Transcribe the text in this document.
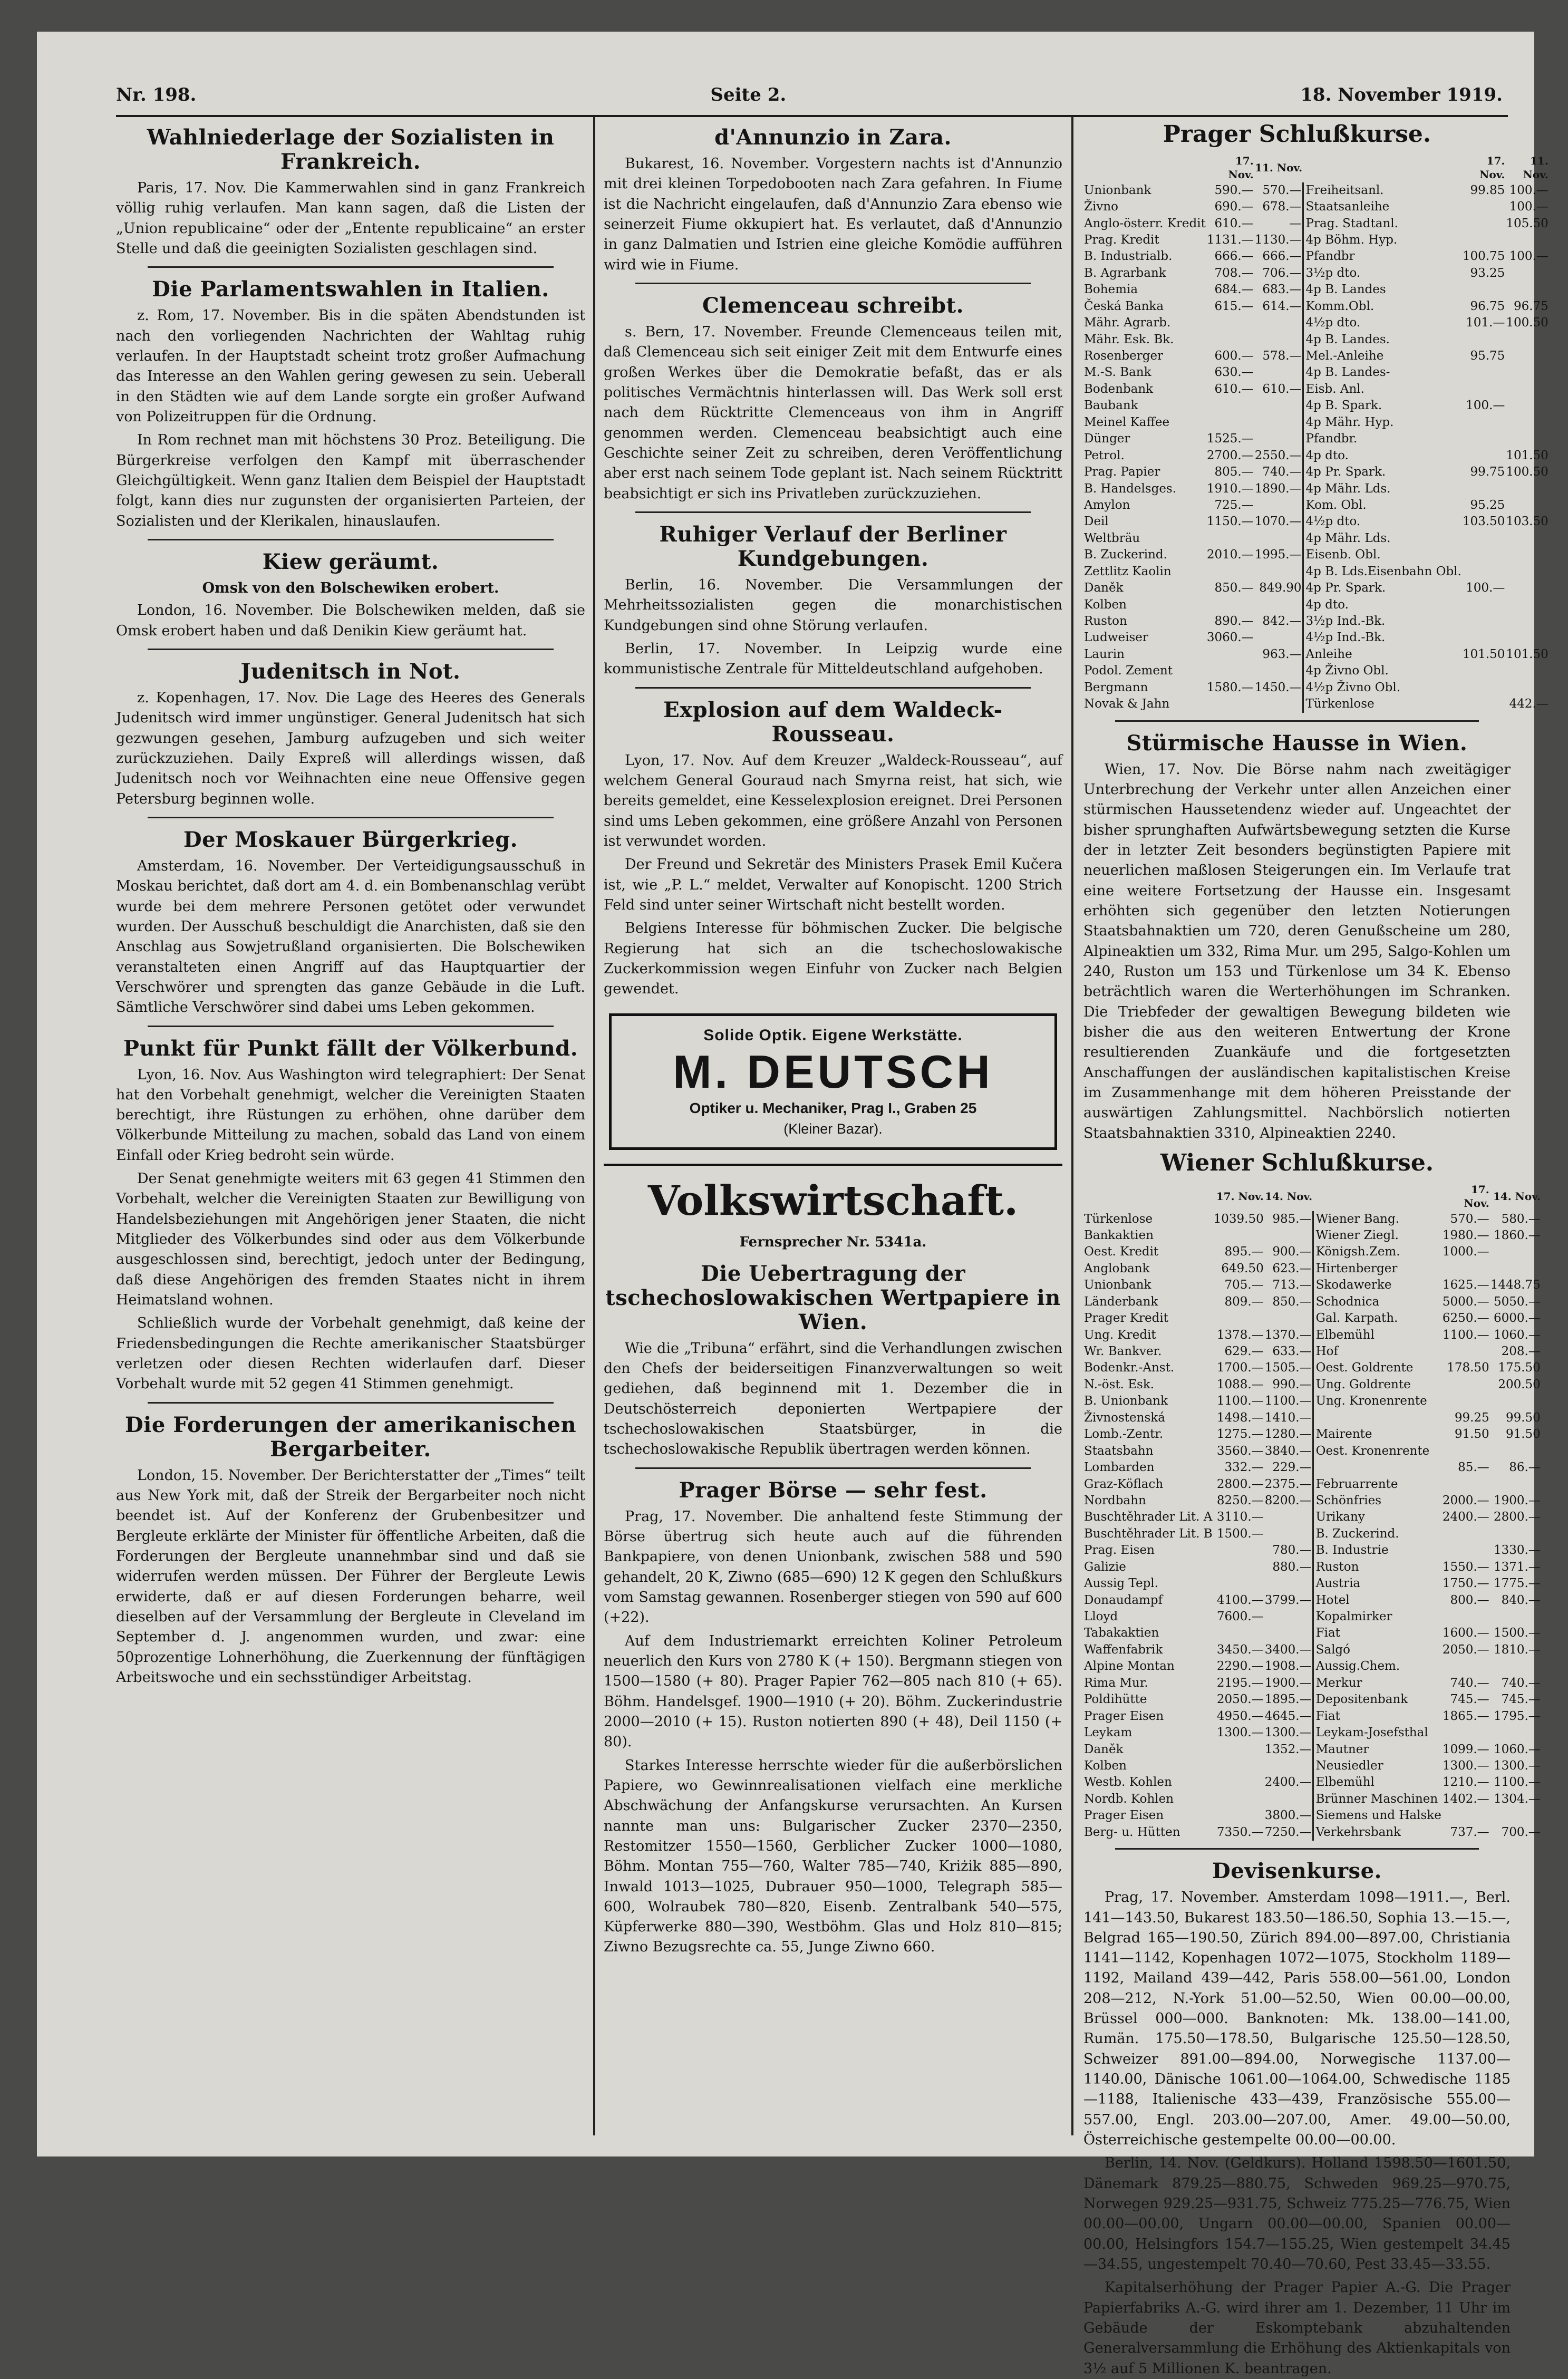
Nr. 198.	Seite 2.	18. November 1919.
Wahlniederlage der Sozialisten in Frankreich.

Paris, 17. Nov. Die Kammerwahlen sind in ganz Frankreich völlig ruhig verlaufen. Man kann sagen, daß die Listen der „Union republicaine“ oder der „Entente republicaine“ an erster Stelle und daß die geeinigten Sozialisten geschlagen sind.

Die Parlamentswahlen in Italien.

z. Rom, 17. November. Bis in die späten Abendstunden ist nach den vorliegenden Nachrichten der Wahltag ruhig verlaufen. In der Hauptstadt scheint trotz großer Aufmachung das Interesse an den Wahlen gering gewesen zu sein. Ueberall in den Städten wie auf dem Lande sorgte ein großer Aufwand von Polizeitruppen für die Ordnung.

In Rom rechnet man mit höchstens 30 Proz. Beteiligung. Die Bürgerkreise verfolgen den Kampf mit überraschender Gleichgültigkeit. Wenn ganz Italien dem Beispiel der Hauptstadt folgt, kann dies nur zugunsten der organisierten Parteien, der Sozialisten und der Klerikalen, hinauslaufen.

Kiew geräumt.
Omsk von den Bolschewiken erobert.

London, 16. November. Die Bolschewiken melden, daß sie Omsk erobert haben und daß Denikin Kiew geräumt hat.

Judenitsch in Not.

z. Kopenhagen, 17. Nov. Die Lage des Heeres des Generals Judenitsch wird immer ungünstiger. General Judenitsch hat sich gezwungen gesehen, Jamburg aufzugeben und sich weiter zurückzuziehen. Daily Expreß will allerdings wissen, daß Judenitsch noch vor Weihnachten eine neue Offensive gegen Petersburg beginnen wolle.

Der Moskauer Bürgerkrieg.

Amsterdam, 16. November. Der Verteidigungsausschuß in Moskau berichtet, daß dort am 4. d. ein Bombenanschlag verübt wurde bei dem mehrere Personen getötet oder verwundet wurden. Der Ausschuß beschuldigt die Anarchisten, daß sie den Anschlag aus Sowjetrußland organisierten. Die Bolschewiken veranstalteten einen Angriff auf das Hauptquartier der Verschwörer und sprengten das ganze Gebäude in die Luft. Sämtliche Verschwörer sind dabei ums Leben gekommen.

Punkt für Punkt fällt der Völkerbund.

Lyon, 16. Nov. Aus Washington wird telegraphiert: Der Senat hat den Vorbehalt genehmigt, welcher die Vereinigten Staaten berechtigt, ihre Rüstungen zu erhöhen, ohne darüber dem Völkerbunde Mitteilung zu machen, sobald das Land von einem Einfall oder Krieg bedroht sein würde.

Der Senat genehmigte weiters mit 63 gegen 41 Stimmen den Vorbehalt, welcher die Vereinigten Staaten zur Bewilligung von Handelsbeziehungen mit Angehörigen jener Staaten, die nicht Mitglieder des Völkerbundes sind oder aus dem Völkerbunde ausgeschlossen sind, berechtigt, jedoch unter der Bedingung, daß diese Angehörigen des fremden Staates nicht in ihrem Heimatsland wohnen.

Schließlich wurde der Vorbehalt genehmigt, daß keine der Friedensbedingungen die Rechte amerikanischer Staatsbürger verletzen oder diesen Rechten widerlaufen darf. Dieser Vorbehalt wurde mit 52 gegen 41 Stimmen genehmigt.

Die Forderungen der amerikanischen Bergarbeiter.

London, 15. November. Der Berichterstatter der „Times“ teilt aus New York mit, daß der Streik der Bergarbeiter noch nicht beendet ist. Auf der Konferenz der Grubenbesitzer und Bergleute erklärte der Minister für öffentliche Arbeiten, daß die Forderungen der Bergleute unannehmbar sind und daß sie widerrufen werden müssen. Der Führer der Bergleute Lewis erwiderte, daß er auf diesen Forderungen beharre, weil dieselben auf der Versammlung der Bergleute in Cleveland im September d. J. angenommen wurden, und zwar: eine 50prozentige Lohnerhöhung, die Zuerkennung der fünftägigen Arbeitswoche und ein sechsstündiger Arbeitstag.

d'Annunzio in Zara.

Bukarest, 16. November. Vorgestern nachts ist d'Annunzio mit drei kleinen Torpedobooten nach Zara gefahren. In Fiume ist die Nachricht eingelaufen, daß d'Annunzio Zara ebenso wie seinerzeit Fiume okkupiert hat. Es verlautet, daß d'Annunzio in ganz Dalmatien und Istrien eine gleiche Komödie aufführen wird wie in Fiume.

Clemenceau schreibt.

s. Bern, 17. November. Freunde Clemenceaus teilen mit, daß Clemenceau sich seit einiger Zeit mit dem Entwurfe eines großen Werkes über die Demokratie befaßt, das er als politisches Vermächtnis hinterlassen will. Das Werk soll erst nach dem Rücktritte Clemenceaus von ihm in Angriff genommen werden. Clemenceau beabsichtigt auch eine Geschichte seiner Zeit zu schreiben, deren Veröffentlichung aber erst nach seinem Tode geplant ist. Nach seinem Rücktritt beabsichtigt er sich ins Privatleben zurückzuziehen.

Ruhiger Verlauf der Berliner Kundgebungen.

Berlin, 16. November. Die Versammlungen der Mehrheitssozialisten gegen die monarchistischen Kundgebungen sind ohne Störung verlaufen.

Berlin, 17. November. In Leipzig wurde eine kommunistische Zentrale für Mitteldeutschland aufgehoben.

Explosion auf dem Waldeck-Rousseau.

Lyon, 17. Nov. Auf dem Kreuzer „Waldeck-Rousseau“, auf welchem General Gouraud nach Smyrna reist, hat sich, wie bereits gemeldet, eine Kesselexplosion ereignet. Drei Personen sind ums Leben gekommen, eine größere Anzahl von Personen ist verwundet worden.

Der Freund und Sekretär des Ministers Prasek Emil Kučera ist, wie „P. L.“ meldet, Verwalter auf Konopischt. 1200 Strich Feld sind unter seiner Wirtschaft nicht bestellt worden.

Belgiens Interesse für böhmischen Zucker. Die belgische Regierung hat sich an die tschechoslowakische Zuckerkommission wegen Einfuhr von Zucker nach Belgien gewendet.

Solide Optik. Eigene Werkstätte.
M. DEUTSCH
Optiker u. Mechaniker, Prag I., Graben 25
(Kleiner Bazar).
Volkswirtschaft.
Fernsprecher Nr. 5341a.
Die Uebertragung der tschechoslowakischen Wertpapiere in Wien.

Wie die „Tribuna“ erfährt, sind die Verhandlungen zwischen den Chefs der beiderseitigen Finanzverwaltungen so weit gediehen, daß beginnend mit 1. Dezember die in Deutschösterreich deponierten Wertpapiere der tschechoslowakischen Staatsbürger, in die tschechoslowakische Republik übertragen werden können.

Prager Börse — sehr fest.

Prag, 17. November. Die anhaltend feste Stimmung der Börse übertrug sich heute auch auf die führenden Bankpapiere, von denen Unionbank, zwischen 588 und 590 gehandelt, 20 K, Ziwno (685—690) 12 K gegen den Schlußkurs vom Samstag gewannen. Rosenberger stiegen von 590 auf 600 (+22).

Auf dem Industriemarkt erreichten Koliner Petroleum neuerlich den Kurs von 2780 K (+ 150). Bergmann stiegen von 1500—1580 (+ 80). Prager Papier 762—805 nach 810 (+ 65). Böhm. Handelsgef. 1900—1910 (+ 20). Böhm. Zuckerindustrie 2000—2010 (+ 15). Ruston notierten 890 (+ 48), Deil 1150 (+ 80).

Starkes Interesse herrschte wieder für die außerbörslichen Papiere, wo Gewinnrealisationen vielfach eine merkliche Abschwächung der Anfangskurse verursachten. An Kursen nannte man uns: Bulgarischer Zucker 2370—2350, Restomitzer 1550—1560, Gerblicher Zucker 1000—1080, Böhm. Montan 755—760, Walter 785—740, Kriżik 885—890, Inwald 1013—1025, Dubrauer 950—1000, Telegraph 585—600, Wolraubek 780—820, Eisenb. Zentralbank 540—575, Küpferwerke 880—390, Westböhm. Glas und Holz 810—815; Ziwno Bezugsrechte ca. 55, Junge Ziwno 660.

Prager Schlußkurse.
	17. Nov.	11. Nov.		17. Nov.	11. Nov.
Unionbank	590.—	570.—	Freiheitsanl.	99.85	100.—
Živno	690.—	678.—	Staatsanleihe		100.—
Anglo-österr. Kredit	610.—	—	Prag. Stadtanl.		105.50
Prag. Kredit	1131.—	1130.—	4p Böhm. Hyp.		
B. Industrialb.	666.—	666.—	Pfandbr	100.75	100.—
B. Agrarbank	708.—	706.—	3½p dto.	93.25	
Bohemia	684.—	683.—	4p B. Landes		
Česká Banka	615.—	614.—	Komm.Obl.	96.75	96.75
Mähr. Agrarb.			4½p dto.	101.—	100.50
Mähr. Esk. Bk.			4p B. Landes.		
Rosenberger	600.—	578.—	Mel.-Anleihe	95.75	
M.-S. Bank	630.—		4p B. Landes-		
Bodenbank	610.—	610.—	Eisb. Anl.		
Baubank			4p B. Spark.	100.—	
Meinel Kaffee			4p Mähr. Hyp.		
Dünger	1525.—		Pfandbr.		
Petrol.	2700.—	2550.—	4p dto.		101.50
Prag. Papier	805.—	740.—	4p Pr. Spark.	99.75	100.50
B. Handelsges.	1910.—	1890.—	4p Mähr. Lds.		
Amylon	725.—		Kom. Obl.	95.25	
Deil	1150.—	1070.—	4½p dto.	103.50	103.50
Weltbräu			4p Mähr. Lds.		
B. Zuckerind.	2010.—	1995.—	Eisenb. Obl.		
Zettlitz Kaolin			4p B. Lds.Eisenbahn Obl.		
Daněk	850.—	849.90	4p Pr. Spark.	100.—	
Kolben			4p dto.		
Ruston	890.—	842.—	3½p Ind.-Bk.		
Ludweiser	3060.—		4½p Ind.-Bk.		
Laurin		963.—	Anleihe	101.50	101.50
Podol. Zement			4p Živno Obl.		
Bergmann	1580.—	1450.—	4½p Živno Obl.		
Novak & Jahn			Türkenlose		442.—
Stürmische Hausse in Wien.

Wien, 17. Nov. Die Börse nahm nach zweitägiger Unterbrechung der Verkehr unter allen Anzeichen einer stürmischen Haussetendenz wieder auf. Ungeachtet der bisher sprunghaften Aufwärtsbewegung setzten die Kurse der in letzter Zeit besonders begünstigten Papiere mit neuerlichen maßlosen Steigerungen ein. Im Verlaufe trat eine weitere Fortsetzung der Hausse ein. Insgesamt erhöhten sich gegenüber den letzten Notierungen Staatsbahnaktien um 720, deren Genußscheine um 280, Alpineaktien um 332, Rima Mur. um 295, Salgo-Kohlen um 240, Ruston um 153 und Türkenlose um 34 K. Ebenso beträchtlich waren die Werterhöhungen im Schranken. Die Triebfeder der gewaltigen Bewegung bildeten wie bisher die aus den weiteren Entwertung der Krone resultierenden Zuankäufe und die fortgesetzten Anschaffungen der ausländischen kapitalistischen Kreise im Zusammenhange mit dem höheren Preisstande der auswärtigen Zahlungsmittel. Nachbörslich notierten Staatsbahnaktien 3310, Alpineaktien 2240.

Wiener Schlußkurse.
	17. Nov.	14. Nov.		17. Nov.	14. Nov.
Türkenlose	1039.50	985.—	Wiener Bang.	570.—	580.—
Bankaktien			Wiener Ziegl.	1980.—	1860.—
Oest. Kredit	895.—	900.—	Königsh.Zem.	1000.—	
Anglobank	649.50	623.—	Hirtenberger		
Unionbank	705.—	713.—	Skodawerke	1625.—	1448.75
Länderbank	809.—	850.—	Schodnica	5000.—	5050.—
Prager Kredit			Gal. Karpath.	6250.—	6000.—
Ung. Kredit	1378.—	1370.—	Elbemühl	1100.—	1060.—
Wr. Bankver.	629.—	633.—	Hof		208.—
Bodenkr.-Anst.	1700.—	1505.—	Oest. Goldrente	178.50	175.50
N.-öst. Esk.	1088.—	990.—	Ung. Goldrente		200.50
B. Unionbank	1100.—	1100.—	Ung. Kronenrente		
Živnostenská	1498.—	1410.—		99.25	99.50
Lomb.-Zentr.	1275.—	1280.—	Mairente	91.50	91.50
Staatsbahn	3560.—	3840.—	Oest. Kronenrente		
Lombarden	332.—	229.—		85.—	86.—
Graz-Köflach	2800.—	2375.—	Februarrente		
Nordbahn	8250.—	8200.—	Schönfries	2000.—	1900.—
Buschtěhrader Lit. A	3110.—		Urikany	2400.—	2800.—
Buschtěhrader Lit. B	1500.—		B. Zuckerind.		
Prag. Eisen		780.—	B. Industrie		1330.—
Galizie		880.—	Ruston	1550.—	1371.—
Aussig Tepl.			Austria	1750.—	1775.—
Donaudampf	4100.—	3799.—	Hotel	800.—	840.—
Lloyd	7600.—		Kopalmirker		
Tabakaktien			Fiat	1600.—	1500.—
Waffenfabrik	3450.—	3400.—	Salgó	2050.—	1810.—
Alpine Montan	2290.—	1908.—	Aussig.Chem.		
Rima Mur.	2195.—	1900.—	Merkur	740.—	740.—
Poldihütte	2050.—	1895.—	Depositenbank	745.—	745.—
Prager Eisen	4950.—	4645.—	Fiat	1865.—	1795.—
Leykam	1300.—	1300.—	Leykam-Josefsthal		
Daněk		1352.—	Mautner	1099.—	1060.—
Kolben			Neusiedler	1300.—	1300.—
Westb. Kohlen		2400.—	Elbemühl	1210.—	1100.—
Nordb. Kohlen			Brünner Maschinen	1402.—	1304.—
Prager Eisen		3800.—	Siemens und Halske		
Berg- u. Hütten	7350.—	7250.—	Verkehrsbank	737.—	700.—
Devisenkurse.

Prag, 17. November. Amsterdam 1098—1911.—, Berl. 141—143.50, Bukarest 183.50—186.50, Sophia 13.—15.—, Belgrad 165—190.50, Zürich 894.00—897.00, Christiania 1141—1142, Kopenhagen 1072—1075, Stockholm 1189—1192, Mailand 439—442, Paris 558.00—561.00, London 208—212, N.-York 51.00—52.50, Wien 00.00—00.00, Brüssel 000—000. Banknoten: Mk. 138.00—141.00, Rumän. 175.50—178.50, Bulgarische 125.50—128.50, Schweizer 891.00—894.00, Norwegische 1137.00—1140.00, Dänische 1061.00—1064.00, Schwedische 1185—1188, Italienische 433—439, Französische 555.00—557.00, Engl. 203.00—207.00, Amer. 49.00—50.00, Österreichische gestempelte 00.00—00.00.

Berlin, 14. Nov. (Geldkurs). Holland 1598.50—1601.50, Dänemark 879.25—880.75, Schweden 969.25—970.75, Norwegen 929.25—931.75, Schweiz 775.25—776.75, Wien 00.00—00.00, Ungarn 00.00—00.00, Spanien 00.00—00.00, Helsingfors 154.7—155.25, Wien gestempelt 34.45—34.55, ungestempelt 70.40—70.60, Pest 33.45—33.55.

Kapitalserhöhung der Prager Papier A.-G. Die Prager Papierfabriks A.-G. wird ihrer am 1. Dezember, 11 Uhr im Gebäude der Eskomptebank abzuhaltenden Generalversammlung die Erhöhung des Aktienkapitals von 3½ auf 5 Millionen K. beantragen.
